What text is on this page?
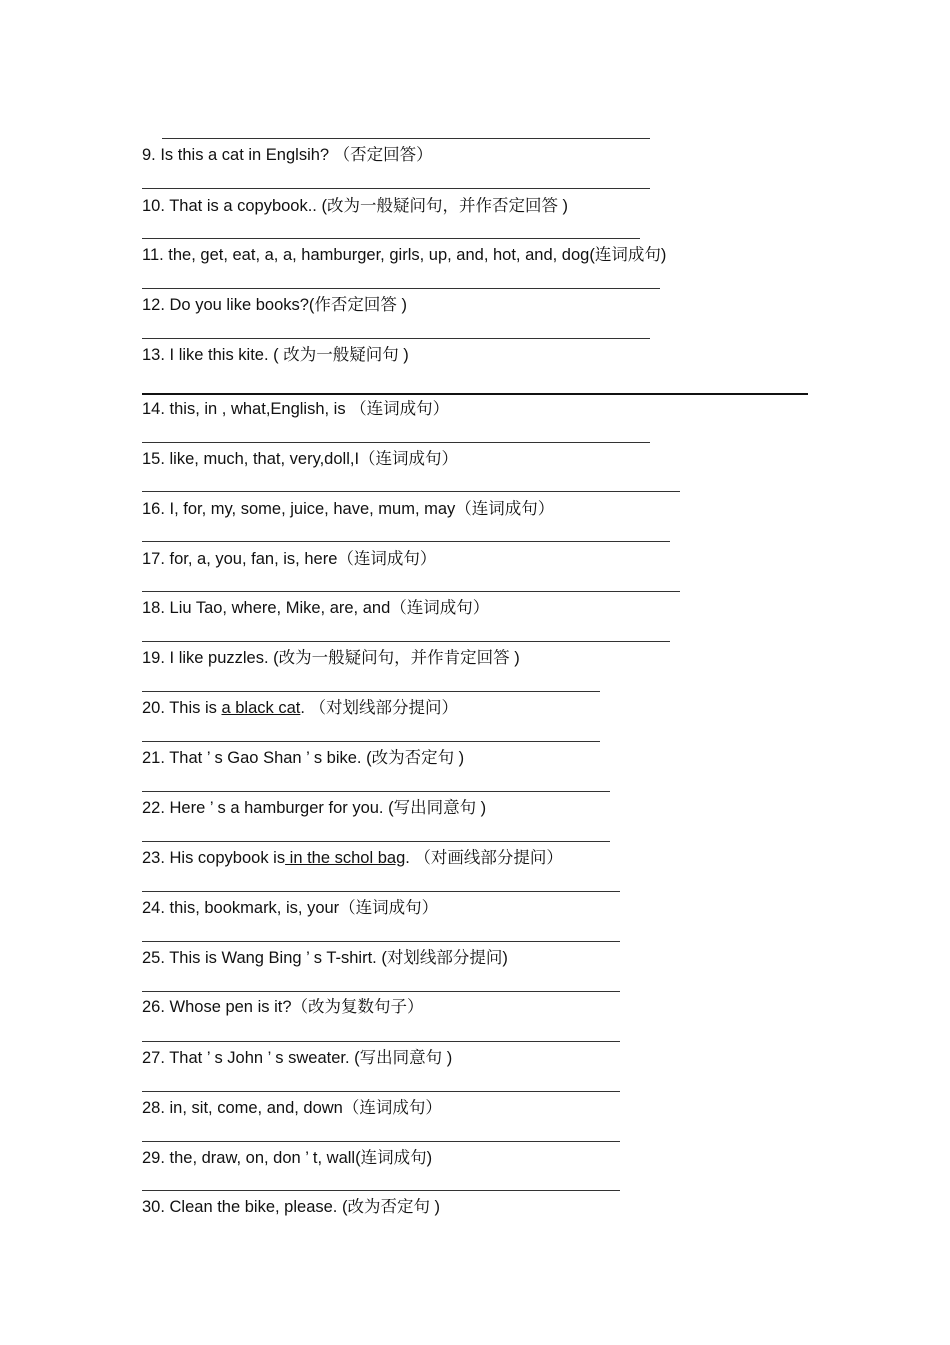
9. Is this a cat in Englsih? （否定回答）
10. That is a copybook.. (改为一般疑问句，并作否定回答 )
11. the, get, eat, a, a, hamburger, girls, up, and, hot, and, dog(连词成句)
12. Do you like books?(作否定回答 )
13. I like this kite. ( 改为一般疑问句 )
14. this, in , what,English, is （连词成句）
15. like, much, that, very,doll,I（连词成句）
16. I, for, my, some, juice, have, mum, may（连词成句）
17. for, a, you, fan, is, here（连词成句）
18. Liu Tao, where, Mike, are, and（连词成句）
19. I like puzzles. (改为一般疑问句，并作肯定回答 )
20. This is a black cat. （对划线部分提问）
21. That ’ s Gao Shan ’ s bike. (改为否定句 )
22. Here ’ s a hamburger for you. (写出同意句 )
23. His copybook is in the schol bag. （对画线部分提问）
24. this, bookmark, is, your（连词成句）
25. This is Wang Bing ’ s T-shirt. (对划线部分提问)
26. Whose pen is it?（改为复数句子）
27. That ’ s John ’ s sweater. (写出同意句 )
28. in, sit, come, and, down（连词成句）
29. the, draw, on, don ’ t, wall(连词成句)
30. Clean the bike, please. (改为否定句 )
